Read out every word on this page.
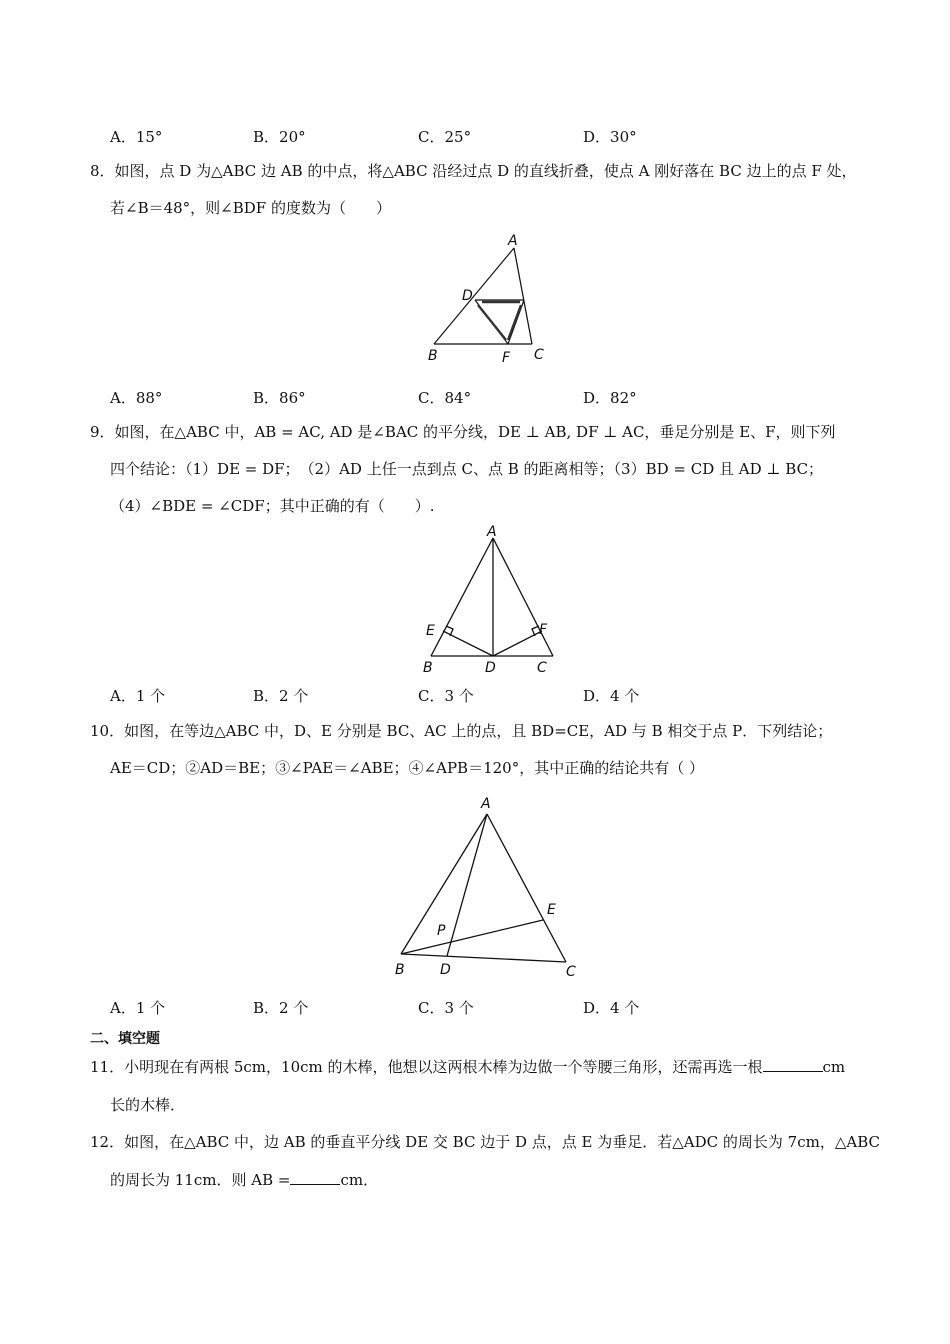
A．15°	B．20°	C．25°	D．30°
8．如图，点 D 为△ABC 边 AB 的中点，将△ABC 沿经过点 D 的直线折叠，使点 A 刚好落在 BC 边上的点 F 处，
若∠B＝48°，则∠BDF 的度数为（　　）
A
D
B	F C
A．88°	B．86°	C．84°	D．82°
9．如图，在△ABC 中，AB = AC, AD 是∠BAC 的平分线，DE ⊥ AB, DF ⊥ AC，垂足分别是 E、F，则下列
四个结论：（1）DE = DF；　（2）AD 上任一点到点 C、点 B 的距离相等；（3）BD = CD 且 AD ⊥ BC；
（4）∠BDE = ∠CDF；其中正确的有（　　）.
A
E	F
B	D	C
A．1 个	B．2 个	C．3 个	D．4 个
10．如图，在等边△ABC 中，D、E 分别是 BC、AC 上的点，且 BD=CE，AD 与 B 相交于点 P．下列结论；
AE＝CD；②AD＝BE；③∠PAE＝∠ABE；④∠APB＝120°，其中正确的结论共有（ ）
A
E
P
B	D	C
A．1 个	B．2 个	C．3 个	D．4 个
二、填空题
11．小明现在有两根 5cm，10cm 的木棒，他想以这两根木棒为边做一个等腰三角形，还需再选一根	cm
长的木棒．
12．如图，在△ABC 中，边 AB 的垂直平分线 DE 交 BC 边于 D 点，点 E 为垂足．若△ADC 的周长为 7cm，△ABC
的周长为 11cm．则 AB =	cm．
